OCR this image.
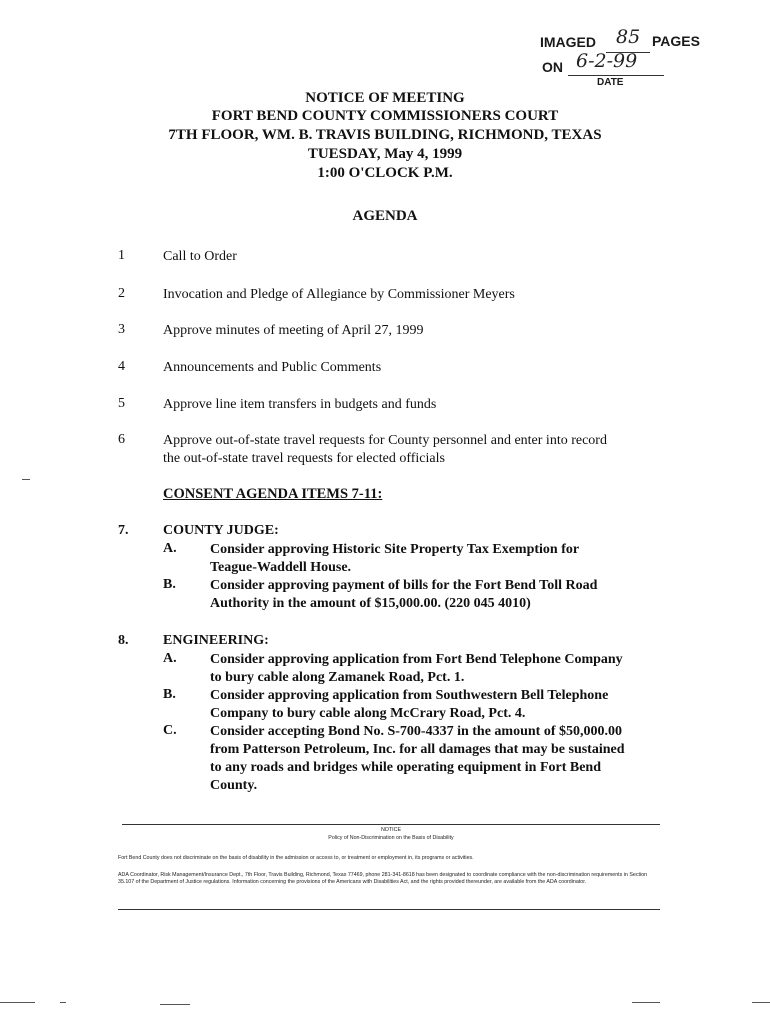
IMAGED 85 PAGES
ON 6-2-99
DATE
NOTICE OF MEETING
FORT BEND COUNTY COMMISSIONERS COURT
7TH FLOOR, WM. B. TRAVIS BUILDING, RICHMOND, TEXAS
TUESDAY, May 4, 1999
1:00 O'CLOCK P.M.
AGENDA
1	Call to Order
2	Invocation and Pledge of Allegiance by Commissioner Meyers
3	Approve minutes of meeting of April 27, 1999
4	Announcements and Public Comments
5	Approve line item transfers in budgets and funds
6	Approve out-of-state travel requests for County personnel and enter into record
the out-of-state travel requests for elected officials
CONSENT AGENDA ITEMS 7-11:
7. COUNTY JUDGE:
A. Consider approving Historic Site Property Tax Exemption for
Teague-Waddell House.
B. Consider approving payment of bills for the Fort Bend Toll Road
Authority in the amount of $15,000.00. (220 045 4010)
8. ENGINEERING:
A. Consider approving application from Fort Bend Telephone Company
to bury cable along Zamanek Road, Pct. 1.
B. Consider approving application from Southwestern Bell Telephone
Company to bury cable along McCrary Road, Pct. 4.
C. Consider accepting Bond No. S-700-4337 in the amount of $50,000.00
from Patterson Petroleum, Inc. for all damages that may be sustained
to any roads and bridges while operating equipment in Fort Bend
County.
NOTICE
Policy of Non-Discrimination on the Basis of Disability
Fort Bend County does not discriminate on the basis of disability in the admission or access to, or treatment or employment in, its programs or activities.
ADA Coordinator, Risk Management/Insurance Dept., 7th Floor, Travis Building, Richmond, Texas 77469, phone 281-341-8618 has been designated to coordinate compliance with the non-discrimination requirements in Section 35.107 of the Department of Justice regulations. Information concerning the provisions of the Americans with Disabilities Act, and the rights provided thereunder, are available from the ADA coordinator.
